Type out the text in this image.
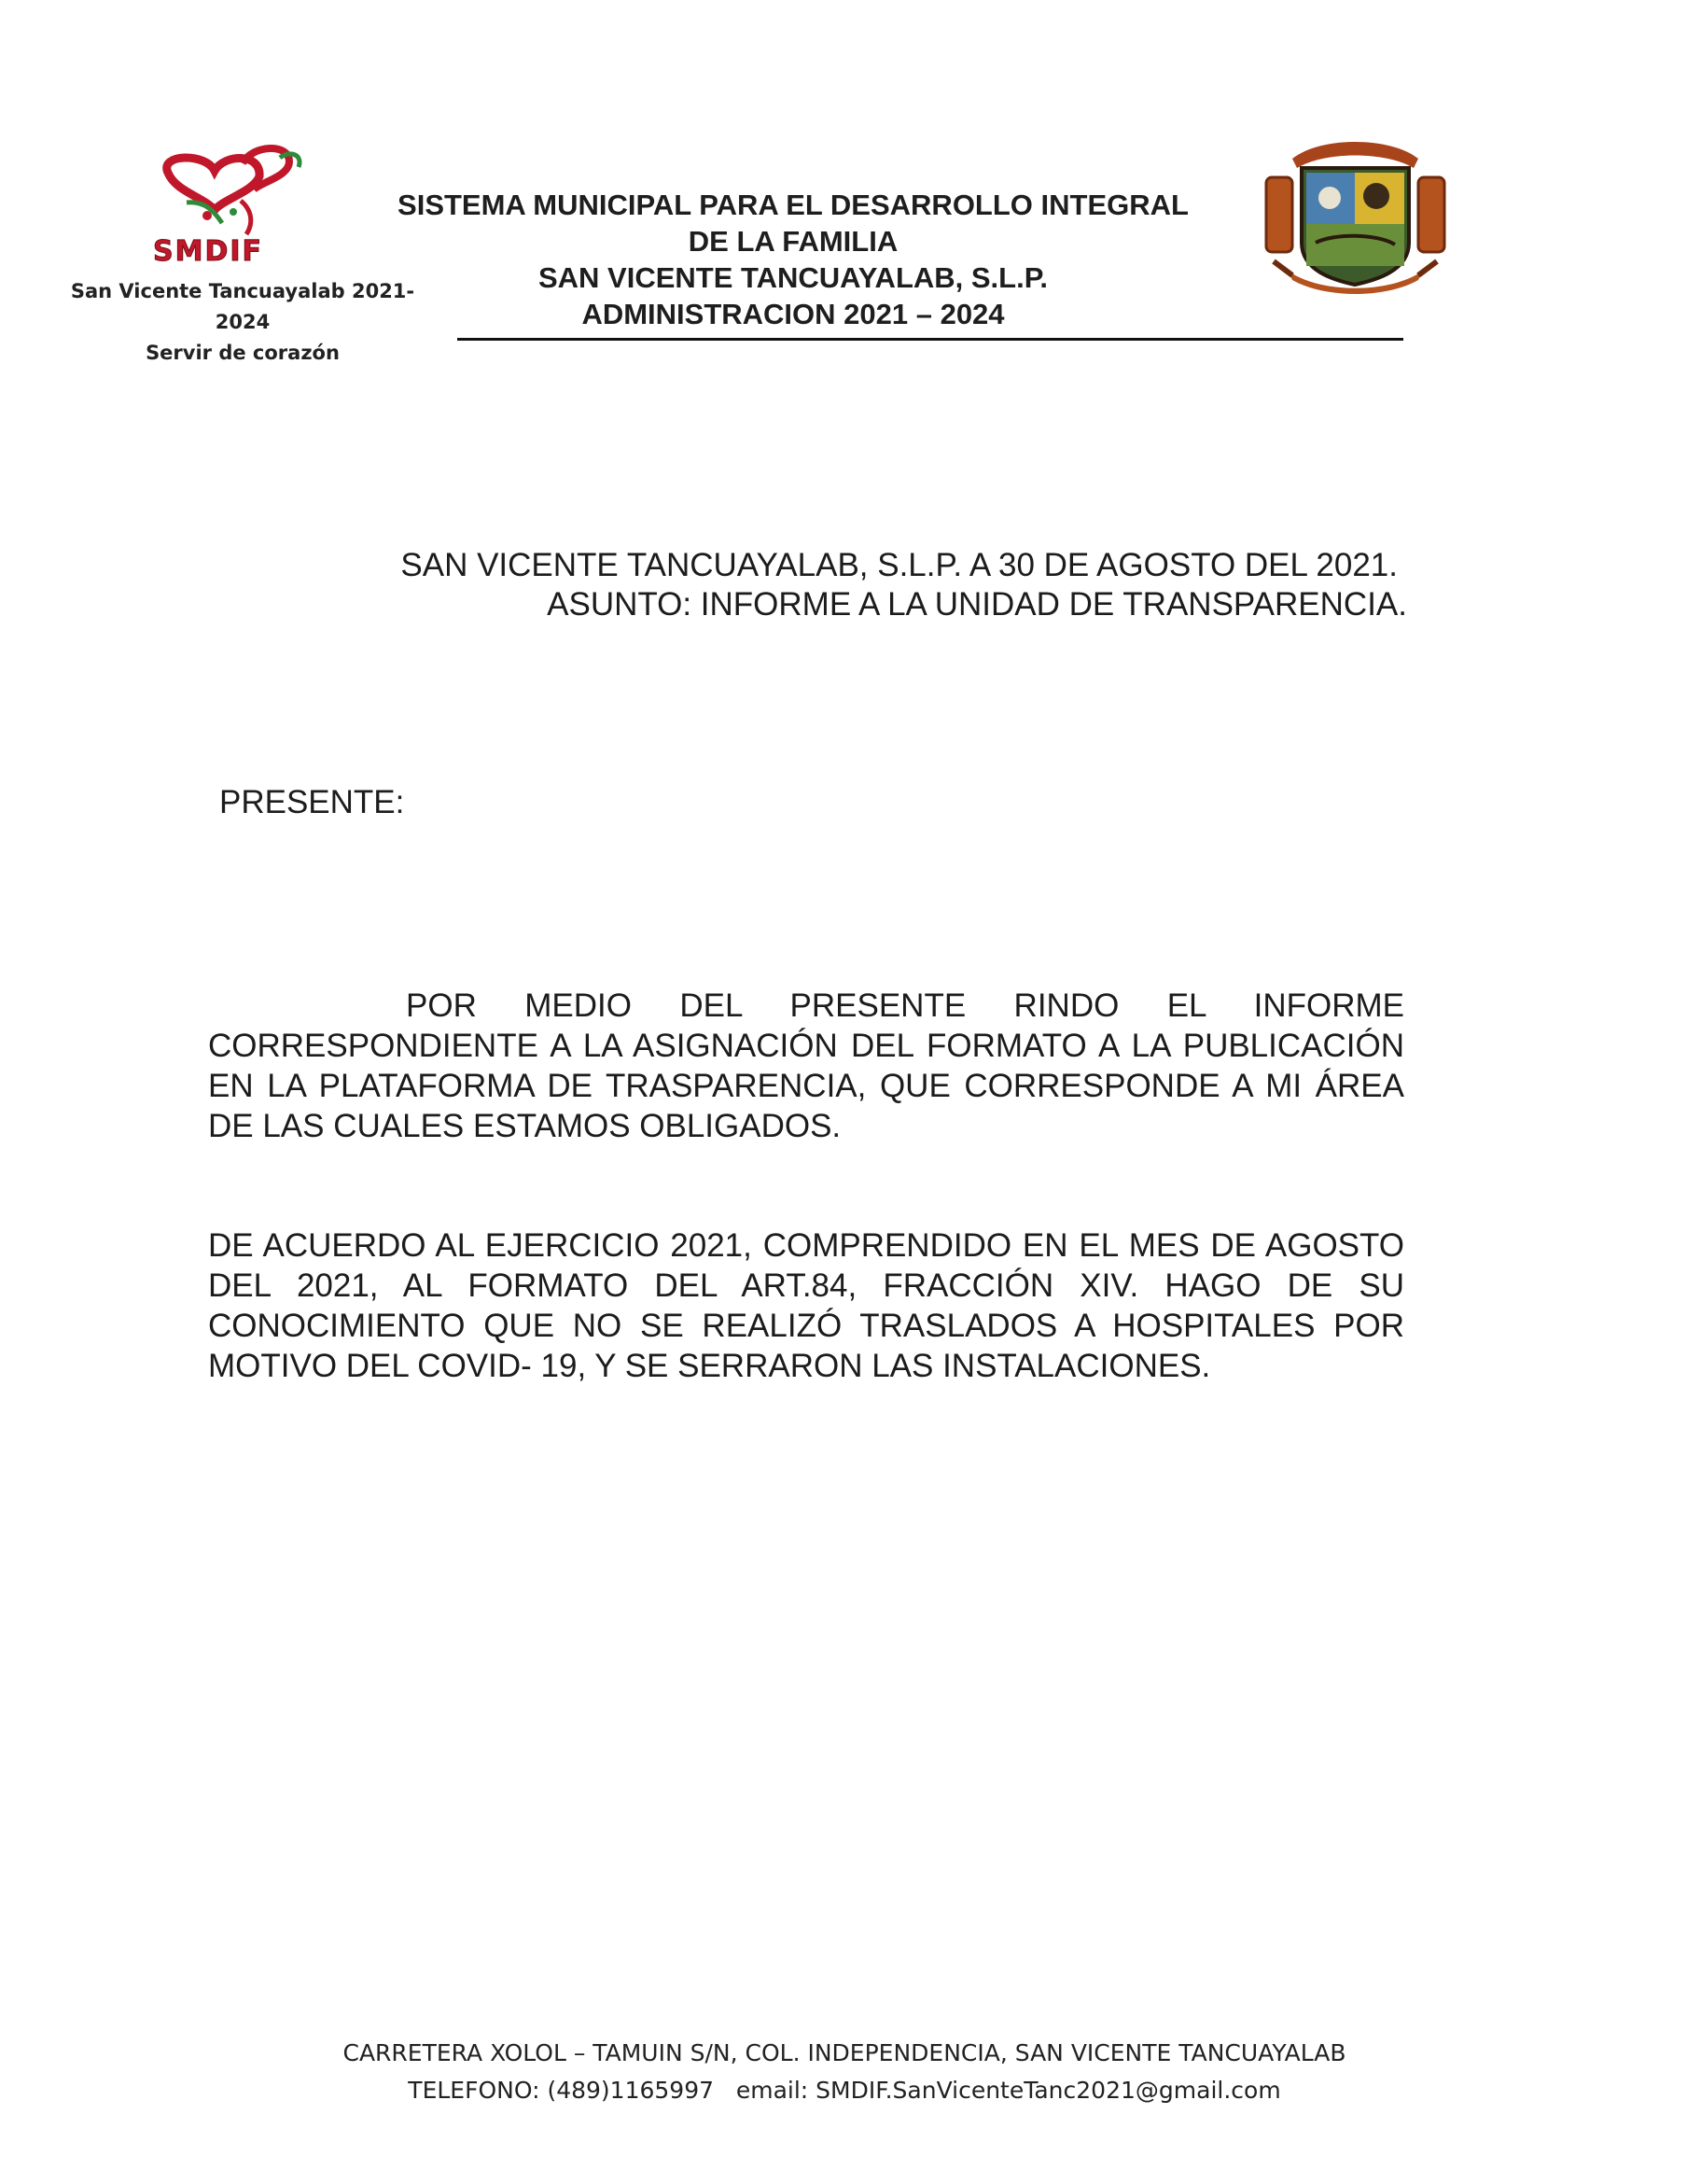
SMDIF
San Vicente Tancuayalab 2021-2024
Servir de corazón
SISTEMA MUNICIPAL PARA EL DESARROLLO INTEGRAL
DE LA FAMILIA
SAN VICENTE TANCUAYALAB, S.L.P.
ADMINISTRACION 2021 – 2024
SAN VICENTE TANCUAYALAB, S.L.P. A 30 DE AGOSTO DEL 2021.
ASUNTO: INFORME A LA UNIDAD DE TRANSPARENCIA.
PRESENTE:

POR MEDIO DEL PRESENTE RINDO EL INFORME

CORRESPONDIENTE A LA ASIGNACIÓN DEL FORMATO A LA PUBLICACIÓN EN LA PLATAFORMA DE TRASPARENCIA, QUE CORRESPONDE A MI ÁREA DE LAS CUALES ESTAMOS OBLIGADOS.

DE ACUERDO AL EJERCICIO 2021, COMPRENDIDO EN EL MES DE AGOSTO DEL 2021, AL FORMATO DEL ART.84, FRACCIÓN XIV. HAGO DE SU CONOCIMIENTO QUE NO SE REALIZÓ TRASLADOS A HOSPITALES POR MOTIVO DEL COVID- 19, Y SE SERRARON LAS INSTALACIONES.

CARRETERA XOLOL – TAMUIN S/N, COL. INDEPENDENCIA, SAN VICENTE TANCUAYALAB
TELEFONO: (489)1165997   email: SMDIF.SanVicenteTanc2021@gmail.com
